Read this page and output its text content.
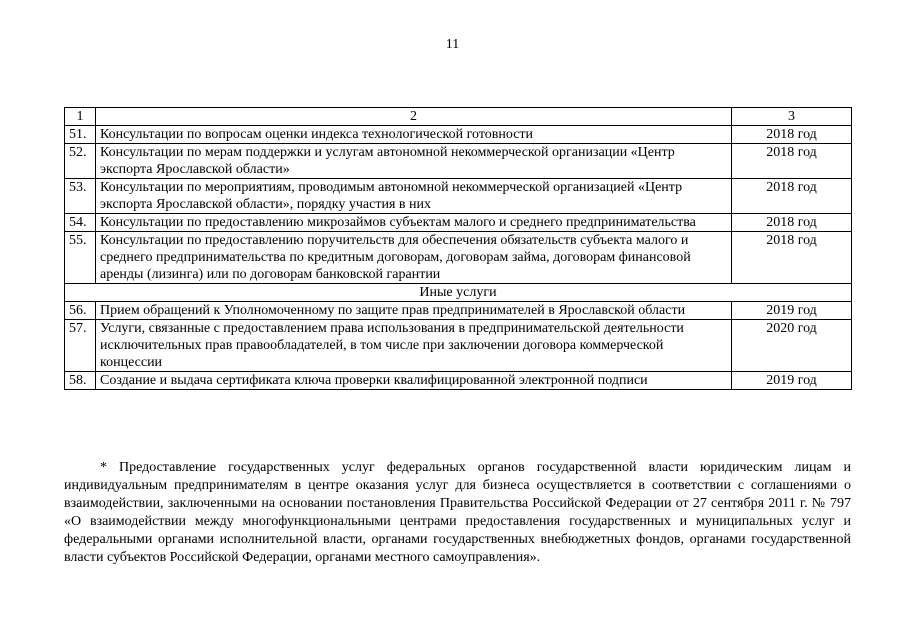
11
1	2	3
51.	Консультации по вопросам оценки индекса технологической готовности	2018 год
52.	Консультации по мерам поддержки и услугам автономной некоммерческой организации «Центр экспорта Ярославской области»	2018 год
53.	Консультации по мероприятиям, проводимым автономной некоммерческой организацией «Центр экспорта Ярославской области», порядку участия в них	2018 год
54.	Консультации по предоставлению микрозаймов субъектам малого и среднего предпринимательства	2018 год
55.	Консультации по предоставлению поручительств для обеспечения обязательств субъекта малого и среднего предпринимательства по кредитным договорам, договорам займа, договорам финансовой аренды (лизинга) или по договорам банковской гарантии	2018 год
Иные услуги		
56.	Прием обращений к Уполномоченному по защите прав предпринимателей в Ярославской области	2019 год
57.	Услуги, связанные с предоставлением права использования в предпринимательской деятельности исключительных прав правообладателей, в том числе при заключении договора коммерческой концессии	2020 год
58.	Создание и выдача сертификата ключа проверки квалифицированной электронной подписи	2019 год

* Предоставление государственных услуг федеральных органов государственной власти юридическим лицам и индивидуальным предпринимателям в центре оказания услуг для бизнеса осуществляется в соответствии с соглашениями о взаимодействии, заключенными на основании постановления Правительства Российской Федерации от 27 сентября 2011 г. № 797 «О взаимодействии между многофункциональными центрами предоставления государственных и муниципальных услуг и федеральными органами исполнительной власти, органами государственных внебюджетных фондов, органами государственной власти субъектов Российской Федерации, органами местного самоуправления».
